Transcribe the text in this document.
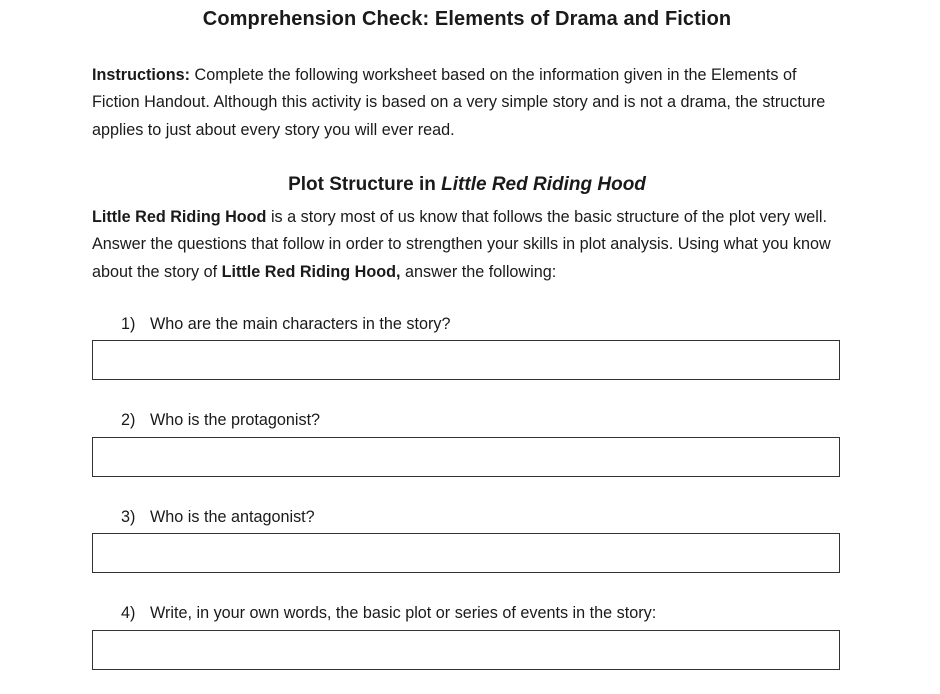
Comprehension Check: Elements of Drama and Fiction

Instructions: Complete the following worksheet based on the information given in the Elements of Fiction Handout. Although this activity is based on a very simple story and is not a drama, the structure applies to just about every story you will ever read.

Plot Structure in Little Red Riding Hood

Little Red Riding Hood is a story most of us know that follows the basic structure of the plot very well. Answer the questions that follow in order to strengthen your skills in plot analysis. Using what you know about the story of Little Red Riding Hood, answer the following:

1) Who are the main characters in the story?
2) Who is the protagonist?
3) Who is the antagonist?
4) Write, in your own words, the basic plot or series of events in the story:
